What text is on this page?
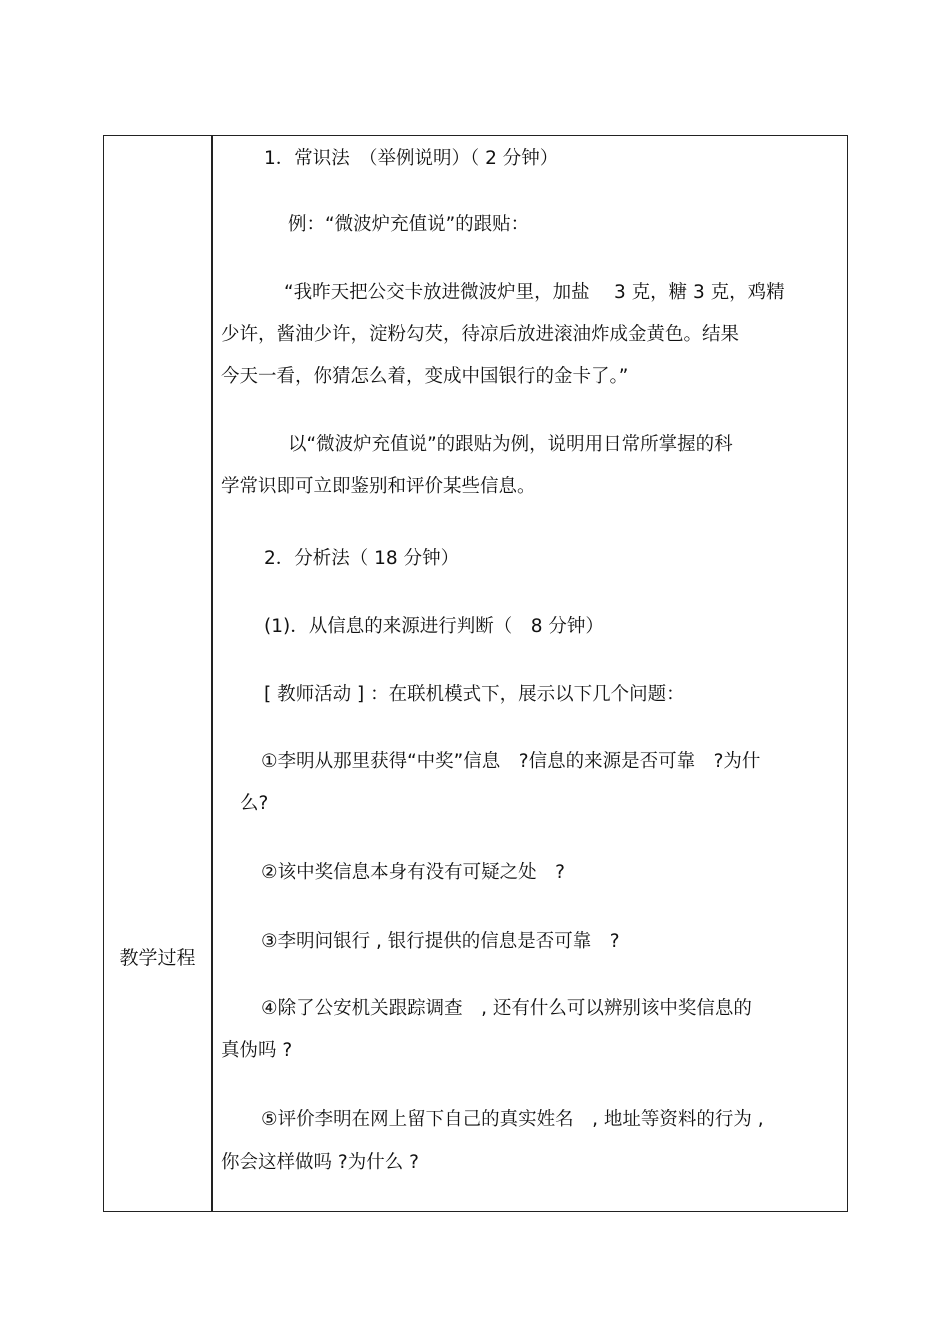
教学过程
1．常识法　（举例说明）（ 2 分钟）
例：“微波炉充值说”的跟贴：
“我昨天把公交卡放进微波炉里，加盐　 3 克，糖 3 克，鸡精
少许，酱油少许，淀粉勾芡，待凉后放进滚油炸成金黄色。结果
今天一看，你猜怎么着，变成中国银行的金卡了。”
以“微波炉充值说”的跟贴为例，说明用日常所掌握的科
学常识即可立即鉴别和评价某些信息。
2．分析法（ 18 分钟）
(1)．从信息的来源进行判断（　8 分钟）
[ 教师活动 ] ：在联机模式下，展示以下几个问题：
①李明从那里获得“中奖”信息　?信息的来源是否可靠　?为什
么?
②该中奖信息本身有没有可疑之处　?
③李明问银行 , 银行提供的信息是否可靠　?
④除了公安机关跟踪调查　, 还有什么可以辨别该中奖信息的
真伪吗 ?
⑤评价李明在网上留下自己的真实姓名　, 地址等资料的行为 ,
你会这样做吗 ?为什么 ?
